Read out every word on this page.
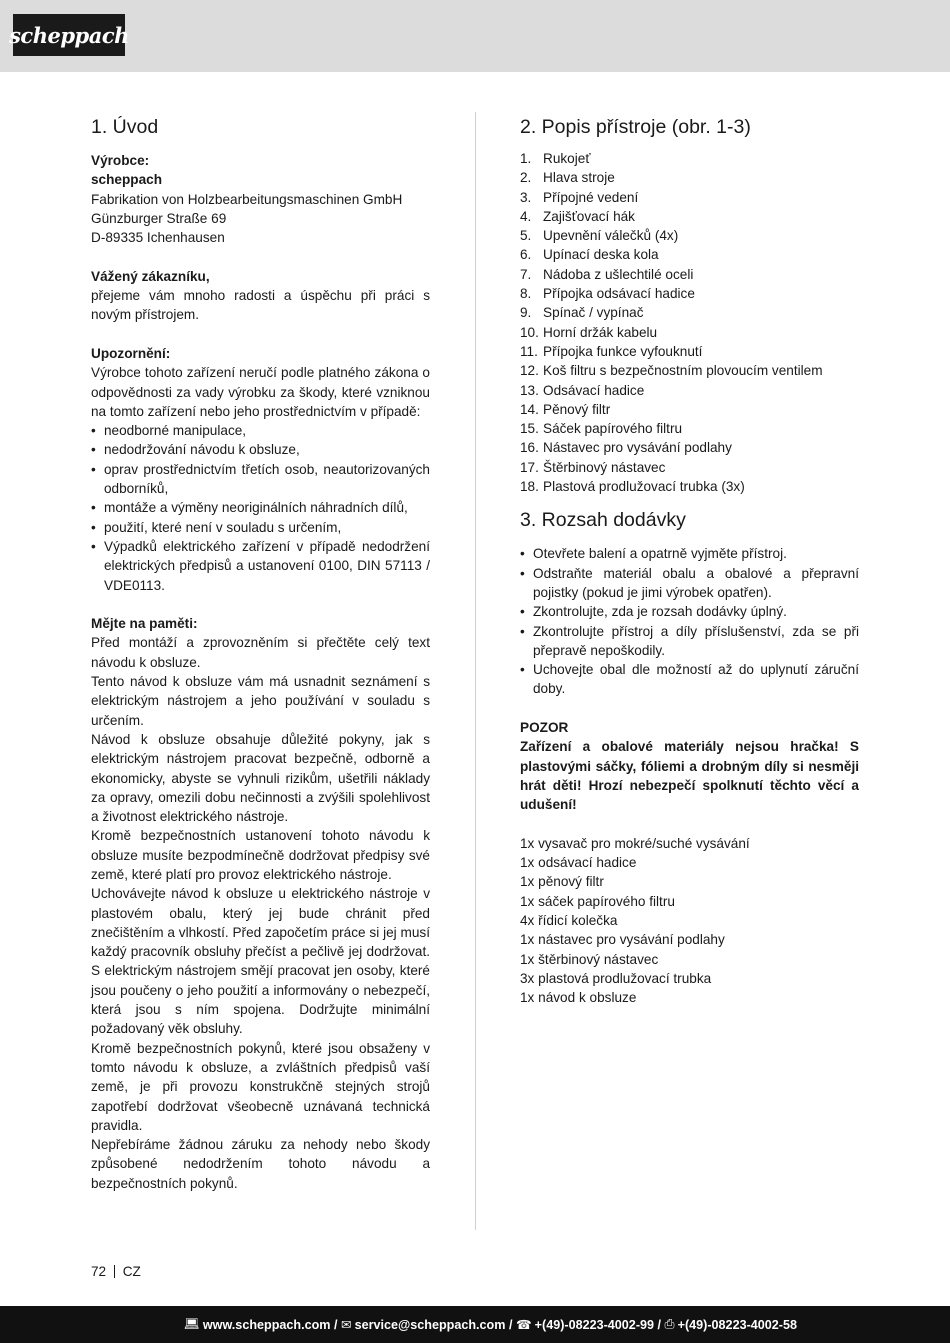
scheppach
1. Úvod
Výrobce:
scheppach
Fabrikation von Holzbearbeitungsmaschinen GmbH
Günzburger Straße 69
D-89335 Ichenhausen
Vážený zákazníku,

přejeme vám mnoho radosti a úspěchu při práci s novým přístrojem.

Upozornění:

Výrobce tohoto zařízení neručí podle platného zákona o odpovědnosti za vady výrobku za škody, které vzniknou na tomto zařízení nebo jeho prostřednictvím v případě:

• neodborné manipulace,
• nedodržování návodu k obsluze,
• oprav prostřednictvím třetích osob, neautorizovaných odborníků,
• montáže a výměny neoriginálních náhradních dílů,
• použití, které není v souladu s určením,
• Výpadků elektrického zařízení v případě nedodržení elektrických předpisů a ustanovení 0100, DIN 57113 / VDE0113.
Mějte na paměti:

Před montáží a zprovozněním si přečtěte celý text návodu k obsluze.

Tento návod k obsluze vám má usnadnit seznámení s elektrickým nástrojem a jeho používání v souladu s určením.

Návod k obsluze obsahuje důležité pokyny, jak s elektrickým nástrojem pracovat bezpečně, odborně a ekonomicky, abyste se vyhnuli rizikům, ušetřili náklady za opravy, omezili dobu nečinnosti a zvýšili spolehlivost a životnost elektrického nástroje.

Kromě bezpečnostních ustanovení tohoto návodu k obsluze musíte bezpodmínečně dodržovat předpisy své země, které platí pro provoz elektrického nástroje.

Uchovávejte návod k obsluze u elektrického nástroje v plastovém obalu, který jej bude chránit před znečištěním a vlhkostí. Před započetím práce si jej musí každý pracovník obsluhy přečíst a pečlivě jej dodržovat. S elektrickým nástrojem smějí pracovat jen osoby, které jsou poučeny o jeho použití a informovány o nebezpečí, která jsou s ním spojena. Dodržujte minimální požadovaný věk obsluhy.

Kromě bezpečnostních pokynů, které jsou obsaženy v tomto návodu k obsluze, a zvláštních předpisů vaší země, je při provozu konstrukčně stejných strojů zapotřebí dodržovat všeobecně uznávaná technická pravidla.

Nepřebíráme žádnou záruku za nehody nebo škody způsobené nedodržením tohoto návodu a bezpečnostních pokynů.

2. Popis přístroje (obr. 1-3)
1. Rukojeť
2. Hlava stroje
3. Přípojné vedení
4. Zajišťovací hák
5. Upevnění válečků (4x)
6. Upínací deska kola
7. Nádoba z ušlechtilé oceli
8. Přípojka odsávací hadice
9. Spínač / vypínač
10. Horní držák kabelu
11. Přípojka funkce vyfouknutí
12. Koš filtru s bezpečnostním plovoucím ventilem
13. Odsávací hadice
14. Pěnový filtr
15. Sáček papírového filtru
16. Nástavec pro vysávání podlahy
17. Štěrbinový nástavec
18. Plastová prodlužovací trubka (3x)
3. Rozsah dodávky
• Otevřete balení a opatrně vyjměte přístroj.
• Odstraňte materiál obalu a obalové a přepravní pojistky (pokud je jimi výrobek opatřen).
• Zkontrolujte, zda je rozsah dodávky úplný.
• Zkontrolujte přístroj a díly příslušenství, zda se při přepravě nepoškodily.
• Uchovejte obal dle možností až do uplynutí záruční doby.
POZOR

Zařízení a obalové materiály nejsou hračka! S plastovými sáčky, fóliemi a drobným díly si nesměji hrát děti! Hrozí nebezpečí spolknutí těchto věcí a udušení!

1x vysavač pro mokré/suché vysávání
1x odsávací hadice
1x pěnový filtr
1x sáček papírového filtru
4x řídicí kolečka
1x nástavec pro vysávání podlahy
1x štěrbinový nástavec
3x plastová prodlužovací trubka
1x návod k obsluze
72 CZ
💻︎ www.scheppach.com / ✉︎ service@scheppach.com / ☎︎ +(49)-08223-4002-99 / ⎙ +(49)-08223-4002-58
